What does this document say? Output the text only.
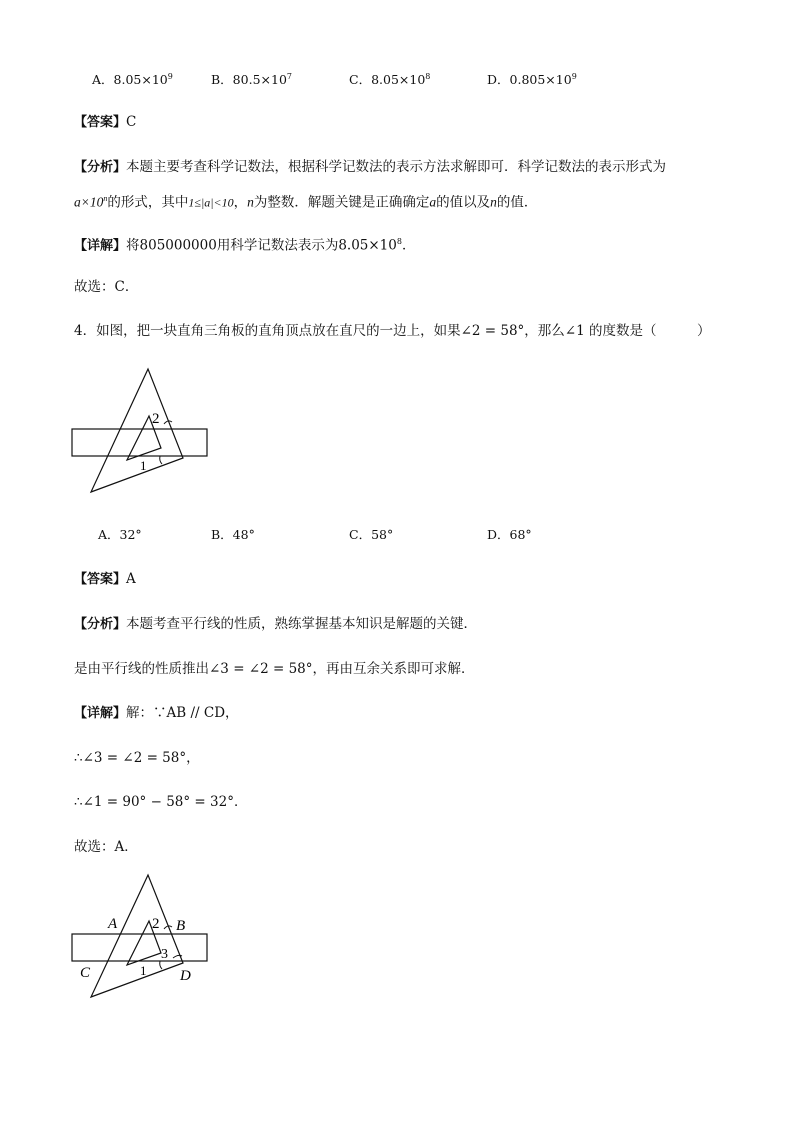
A．$8.05\times 10^9$	B．$80.5\times 10^7$	C．$8.05\times 10^8$	D．$0.805\times 10^9$
【答案】C
【分析】本题主要考查科学记数法，根据科学记数法的表示方法求解即可．科学记数法的表示形式为
$a\times 10^n$的形式，其中1≤|a|<10，n为整数．解题关键是正确确定a的值以及n的值．
【详解】将805000000用科学记数法表示为$8.05\times 10^8$．
故选：C．
4．如图，把一块直角三角板的直角顶点放在直尺的一边上，如果∠2 = 58°，那么∠1 的度数是（　　　）
2
1
A．32°	B．48°	C．58°	D．68°
【答案】A
【分析】本题考查平行线的性质，熟练掌握基本知识是解题的关键．
是由平行线的性质推出∠3 = ∠2 = 58°，再由互余关系即可求解．
【详解】解：∵AB // CD，
∴∠3 = ∠2 = 58°，
∴∠1 = 90° − 58° = 32°．
故选：A．
A	B
C	D
2
1
3
